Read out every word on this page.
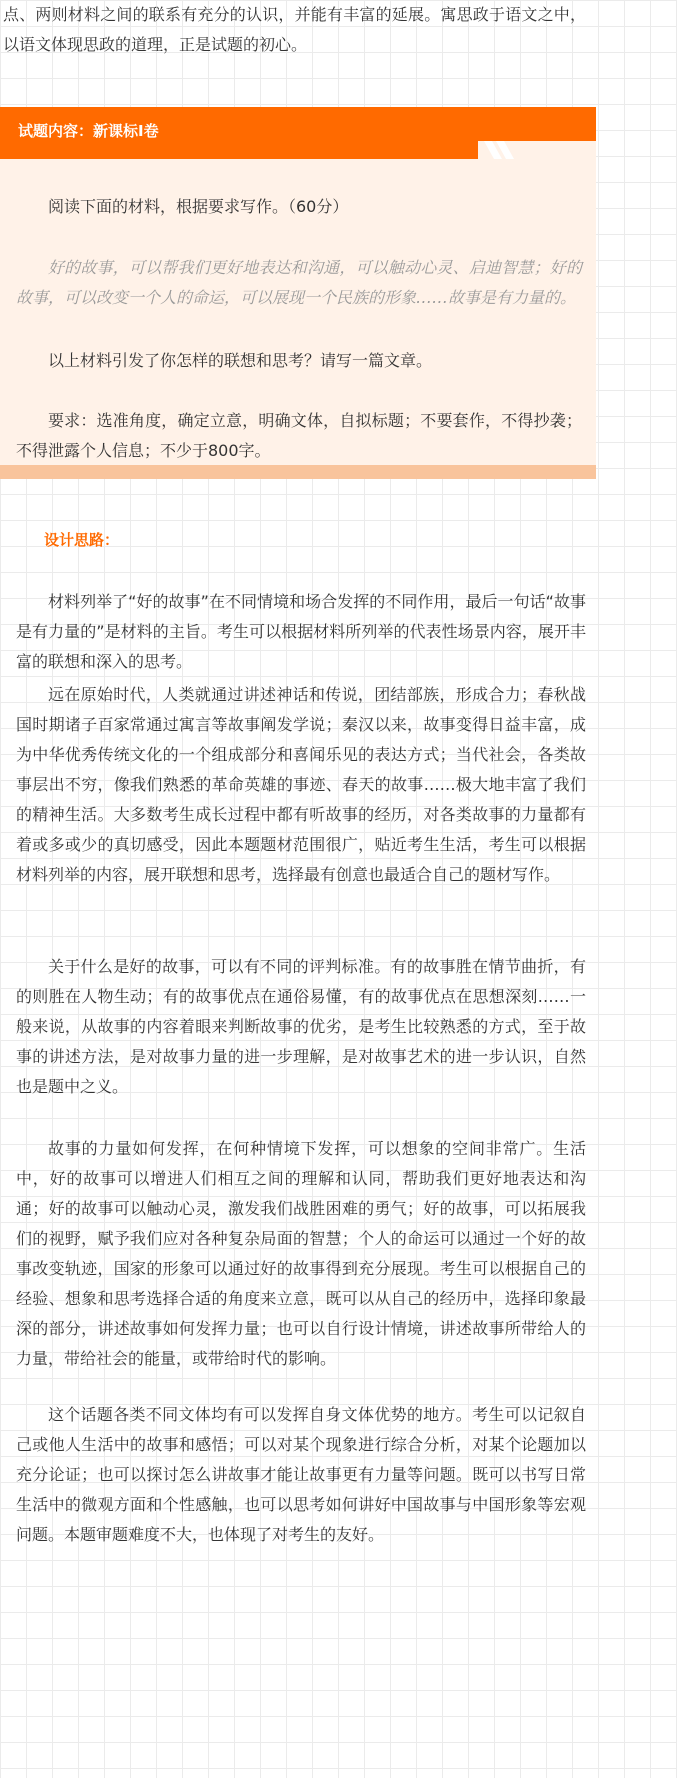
点、两则材料之间的联系有充分的认识，并能有丰富的延展。寓思政于语文之中，以语文体现思政的道理，正是试题的初心。

试题内容：新课标I卷

阅读下面的材料，根据要求写作。（60分）

好的故事，可以帮我们更好地表达和沟通，可以触动心灵、启迪智慧；好的故事，可以改变一个人的命运，可以展现一个民族的形象……故事是有力量的。

以上材料引发了你怎样的联想和思考？请写一篇文章。

要求：选准角度，确定立意，明确文体，自拟标题；不要套作，不得抄袭；不得泄露个人信息；不少于800字。

设计思路：

材料列举了“好的故事”在不同情境和场合发挥的不同作用，最后一句话“故事是有力量的”是材料的主旨。考生可以根据材料所列举的代表性场景内容，展开丰富的联想和深入的思考。

远在原始时代，人类就通过讲述神话和传说，团结部族，形成合力；春秋战国时期诸子百家常通过寓言等故事阐发学说；秦汉以来，故事变得日益丰富，成为中华优秀传统文化的一个组成部分和喜闻乐见的表达方式；当代社会，各类故事层出不穷，像我们熟悉的革命英雄的事迹、春天的故事……极大地丰富了我们的精神生活。大多数考生成长过程中都有听故事的经历，对各类故事的力量都有着或多或少的真切感受，因此本题题材范围很广，贴近考生生活，考生可以根据材料列举的内容，展开联想和思考，选择最有创意也最适合自己的题材写作。

关于什么是好的故事，可以有不同的评判标准。有的故事胜在情节曲折，有的则胜在人物生动；有的故事优点在通俗易懂，有的故事优点在思想深刻……一般来说，从故事的内容着眼来判断故事的优劣，是考生比较熟悉的方式，至于故事的讲述方法，是对故事力量的进一步理解，是对故事艺术的进一步认识，自然也是题中之义。

故事的力量如何发挥，在何种情境下发挥，可以想象的空间非常广。生活中，好的故事可以增进人们相互之间的理解和认同，帮助我们更好地表达和沟通；好的故事可以触动心灵，激发我们战胜困难的勇气；好的故事，可以拓展我们的视野，赋予我们应对各种复杂局面的智慧；个人的命运可以通过一个好的故事改变轨迹，国家的形象可以通过好的故事得到充分展现。考生可以根据自己的经验、想象和思考选择合适的角度来立意，既可以从自己的经历中，选择印象最深的部分，讲述故事如何发挥力量；也可以自行设计情境，讲述故事所带给人的力量，带给社会的能量，或带给时代的影响。

这个话题各类不同文体均有可以发挥自身文体优势的地方。考生可以记叙自己或他人生活中的故事和感悟；可以对某个现象进行综合分析，对某个论题加以充分论证；也可以探讨怎么讲故事才能让故事更有力量等问题。既可以书写日常生活中的微观方面和个性感触，也可以思考如何讲好中国故事与中国形象等宏观问题。本题审题难度不大，也体现了对考生的友好。
